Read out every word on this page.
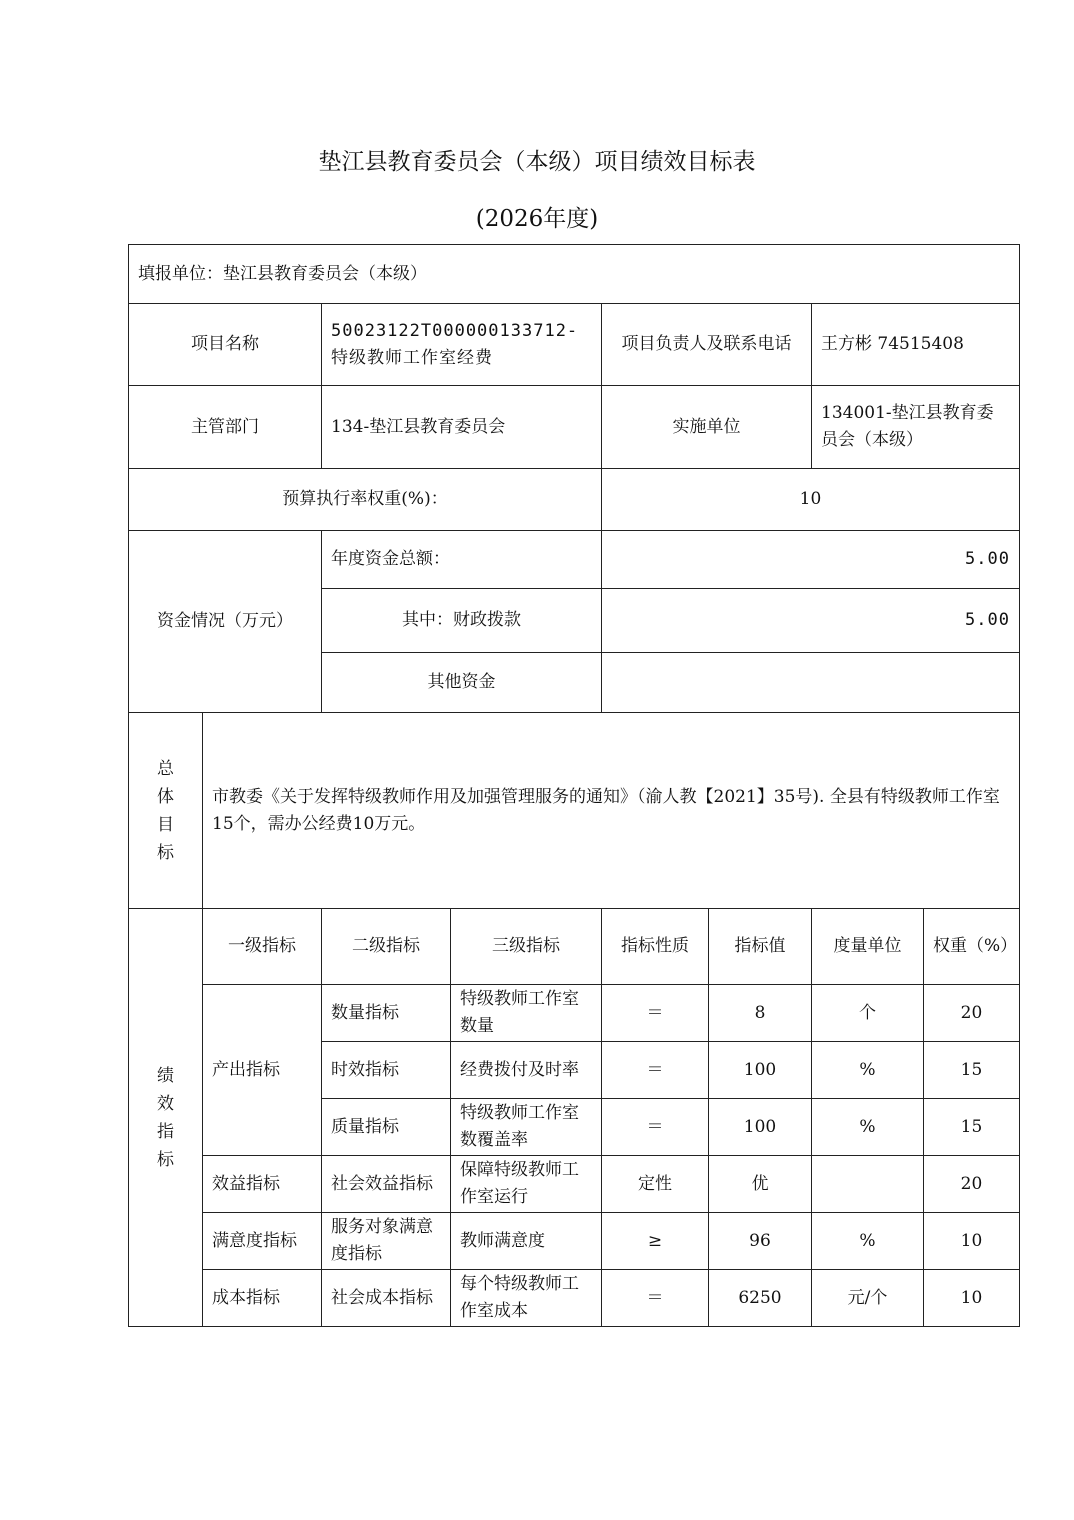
垫江县教育委员会（本级）项目绩效目标表
(2026年度)
填报单位：垫江县教育委员会（本级）							
项目名称		50023122T000000133712-特级教师工作室经费		项目负责人及联系电话		王方彬 74515408	
主管部门		134-垫江县教育委员会		实施单位		134001-垫江县教育委员会（本级）	
预算执行率权重(%)：				10			
资金情况（万元）		年度资金总额：		5.00			
		其中：财政拨款		5.00			
		其他资金					
总体目标	市教委《关于发挥特级教师作用及加强管理服务的通知》（渝人教【2021】35号). 全县有特级教师工作室15个，需办公经费10万元。						
绩效指标	一级指标	二级指标	三级指标	指标性质	指标值	度量单位	权重（%）
	产出指标	数量指标	特级教师工作室数量	＝	8	个	20
		时效指标	经费拨付及时率	＝	100	%	15
		质量指标	特级教师工作室数覆盖率	＝	100	%	15
	效益指标	社会效益指标	保障特级教师工作室运行	定性	优		20
	满意度指标	服务对象满意度指标	教师满意度	≥	96	%	10
	成本指标	社会成本指标	每个特级教师工作室成本	＝	6250	元/个	10
